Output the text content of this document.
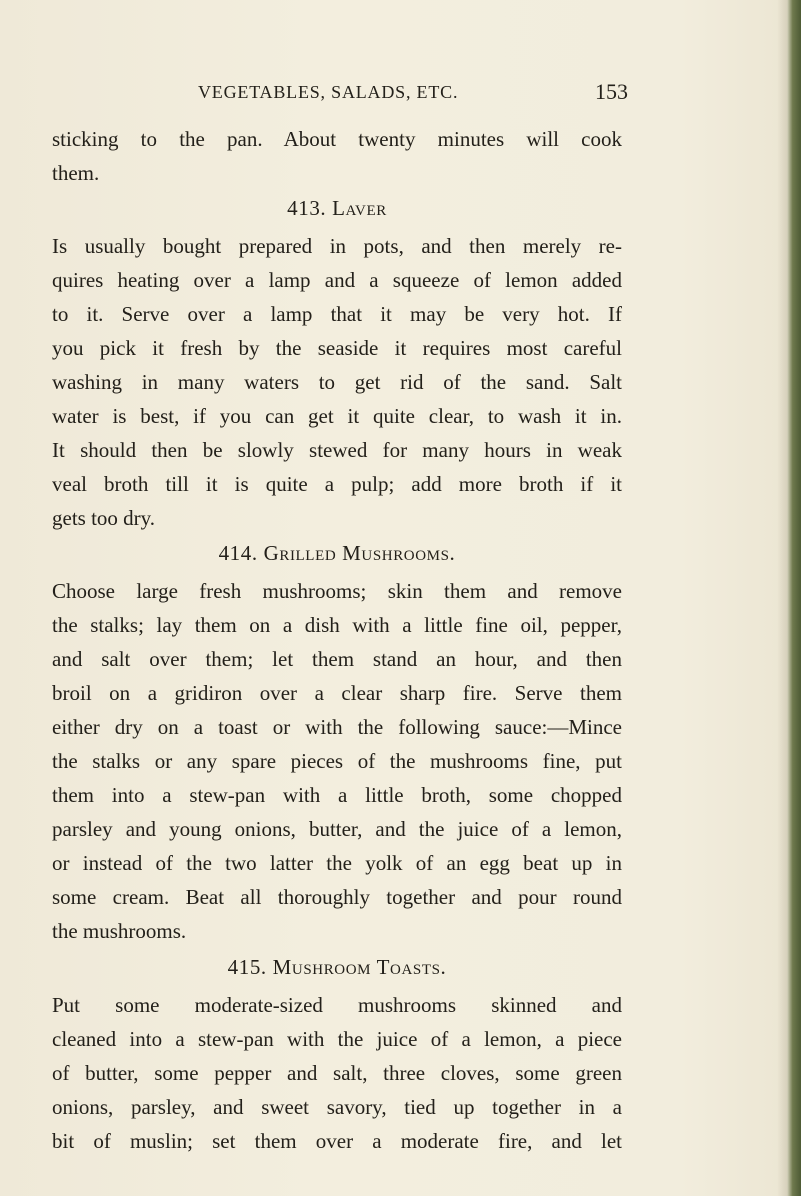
VEGETABLES, SALADS, ETC.	153
sticking to the pan. About twenty minutes will cook
them.
413. Laver
Is usually bought prepared in pots, and then merely re-
quires heating over a lamp and a squeeze of lemon added
to it. Serve over a lamp that it may be very hot. If
you pick it fresh by the seaside it requires most careful
washing in many waters to get rid of the sand. Salt
water is best, if you can get it quite clear, to wash it in.
It should then be slowly stewed for many hours in weak
veal broth till it is quite a pulp; add more broth if it
gets too dry.
414. Grilled Mushrooms.
Choose large fresh mushrooms; skin them and remove
the stalks; lay them on a dish with a little fine oil, pepper,
and salt over them; let them stand an hour, and then
broil on a gridiron over a clear sharp fire. Serve them
either dry on a toast or with the following sauce:—Mince
the stalks or any spare pieces of the mushrooms fine, put
them into a stew-pan with a little broth, some chopped
parsley and young onions, butter, and the juice of a lemon,
or instead of the two latter the yolk of an egg beat up in
some cream. Beat all thoroughly together and pour round
the mushrooms.
415. Mushroom Toasts.
Put some moderate-sized mushrooms skinned and
cleaned into a stew-pan with the juice of a lemon, a piece
of butter, some pepper and salt, three cloves, some green
onions, parsley, and sweet savory, tied up together in a
bit of muslin; set them over a moderate fire, and let
